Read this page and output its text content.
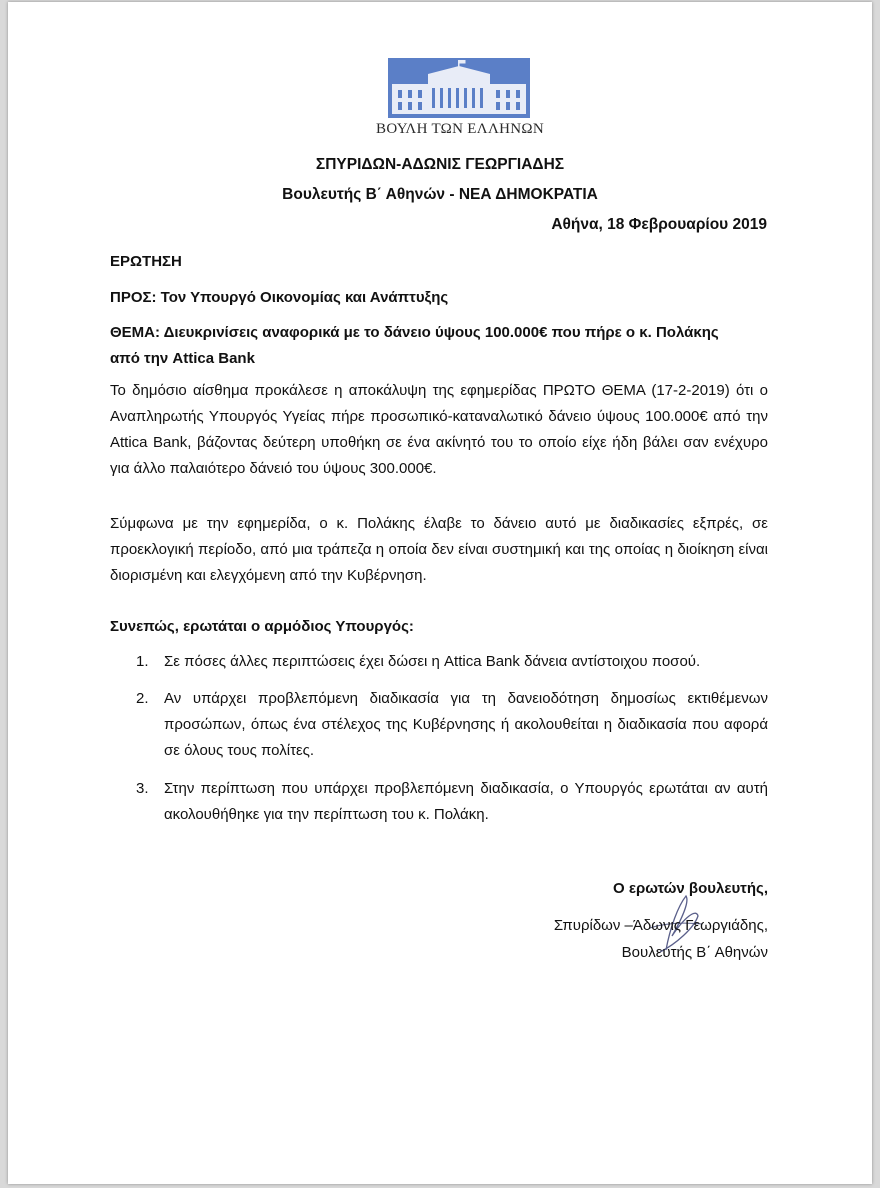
ΒΟΥΛΗ ΤΩΝ ΕΛΛΗΝΩΝ
ΣΠΥΡΙΔΩΝ-ΑΔΩΝΙΣ ΓΕΩΡΓΙΑΔΗΣ
Βουλευτής Β΄ Αθηνών - ΝΕΑ ΔΗΜΟΚΡΑΤΙΑ
Αθήνα, 18 Φεβρουαρίου 2019
ΕΡΩΤΗΣΗ
ΠΡΟΣ: Τον Υπουργό Οικονομίας και Ανάπτυξης
ΘΕΜΑ: Διευκρινίσεις αναφορικά με το δάνειο ύψους 100.000€ που πήρε ο κ. Πολάκης
από την Attica Bank
Το δημόσιο αίσθημα προκάλεσε η αποκάλυψη της εφημερίδας ΠΡΩΤΟ ΘΕΜΑ (17-2-2019) ότι ο Αναπληρωτής Υπουργός Υγείας πήρε προσωπικό-καταναλωτικό δάνειο ύψους 100.000€ από την Attica Bank, βάζοντας δεύτερη υποθήκη σε ένα ακίνητό του το οποίο είχε ήδη βάλει σαν ενέχυρο για άλλο παλαιότερο δάνειό του ύψους 300.000€.
Σύμφωνα με την εφημερίδα, ο κ. Πολάκης έλαβε το δάνειο αυτό με διαδικασίες εξπρές, σε προεκλογική περίοδο, από μια τράπεζα η οποία δεν είναι συστημική και της οποίας η διοίκηση είναι διορισμένη και ελεγχόμενη από την Κυβέρνηση.
Συνεπώς, ερωτάται ο αρμόδιος Υπουργός:
1. Σε πόσες άλλες περιπτώσεις έχει δώσει η Attica Bank δάνεια αντίστοιχου ποσού.
2. Αν υπάρχει προβλεπόμενη διαδικασία για τη δανειοδότηση δημοσίως εκτιθέμενων προσώπων, όπως ένα στέλεχος της Κυβέρνησης ή ακολουθείται η διαδικασία που αφορά σε όλους τους πολίτες.
3. Στην περίπτωση που υπάρχει προβλεπόμενη διαδικασία, ο Υπουργός ερωτάται αν αυτή ακολουθήθηκε για την περίπτωση του κ. Πολάκη.
Ο ερωτών βουλευτής,
Σπυρίδων –Άδωνις Γεωργιάδης,
Βουλευτής Β΄ Αθηνών
